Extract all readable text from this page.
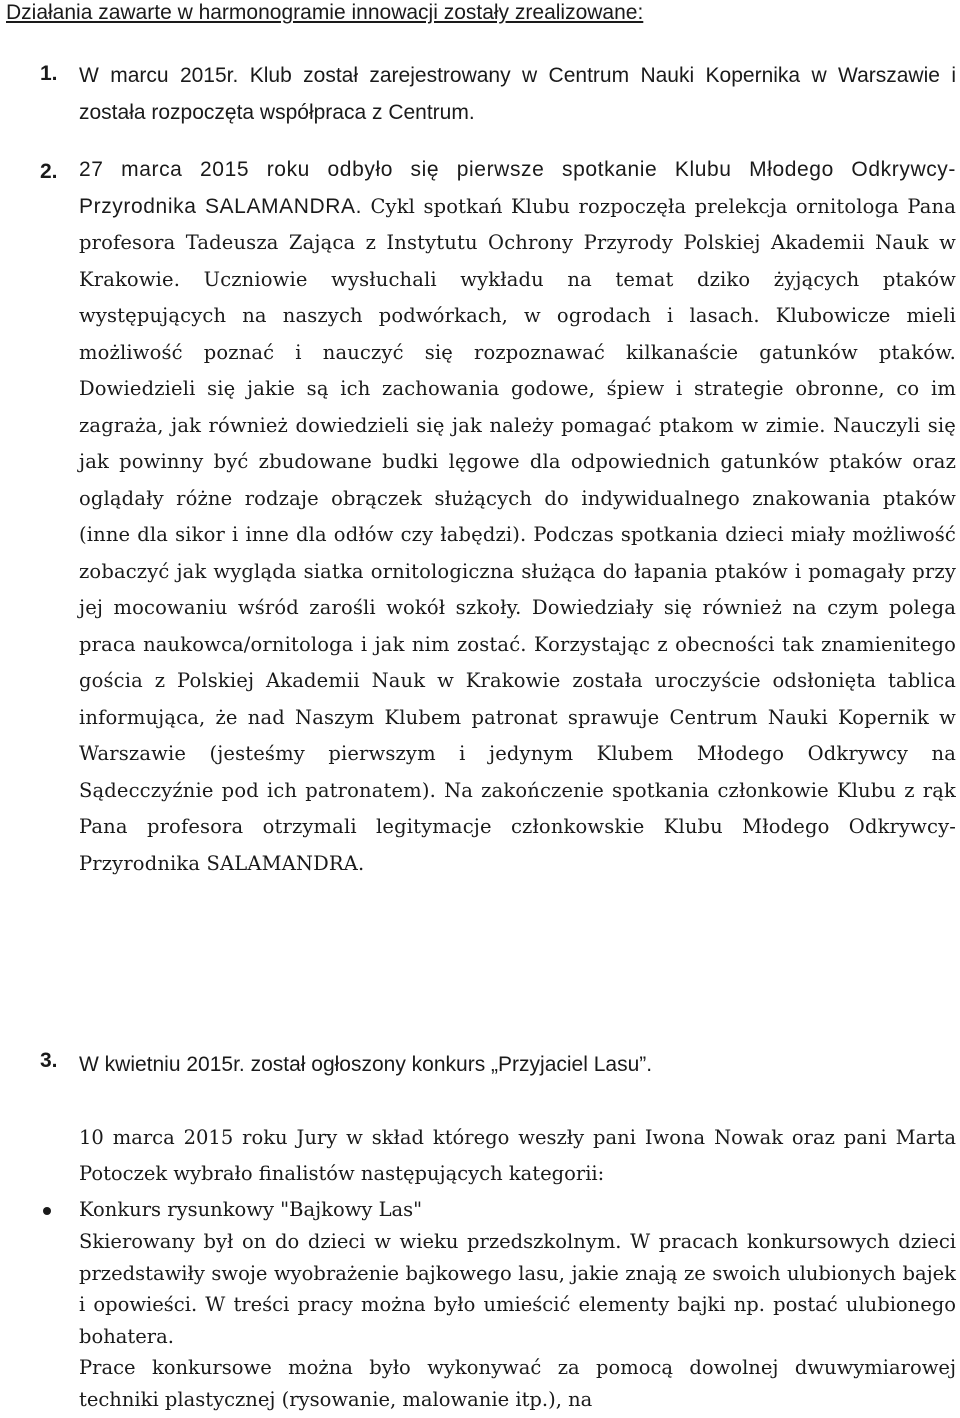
Działania zawarte w harmonogramie innowacji zostały zrealizowane:

1. W marcu 2015r. Klub został zarejestrowany w Centrum Nauki Kopernika w Warszawie i została rozpoczęta współpraca z Centrum.

2. 27 marca 2015 roku odbyło się pierwsze spotkanie Klubu Młodego Odkrywcy-Przyrodnika SALAMANDRA. Cykl spotkań Klubu rozpoczęła prelekcja ornitologa Pana profesora Tadeusza Zająca z Instytutu Ochrony Przyrody Polskiej Akademii Nauk w Krakowie. Uczniowie wysłuchali wykładu na temat dziko żyjących ptaków występujących na naszych podwórkach, w ogrodach i lasach. Klubowicze mieli możliwość poznać i nauczyć się rozpoznawać kilkanaście gatunków ptaków. Dowiedzieli się jakie są ich zachowania godowe, śpiew i strategie obronne, co im zagraża, jak również dowiedzieli się jak należy pomagać ptakom w zimie. Nauczyli się jak powinny być zbudowane budki lęgowe dla odpowiednich gatunków ptaków oraz oglądały różne rodzaje obrączek służących do indywidualnego znakowania ptaków (inne dla sikor i inne dla odłów czy łabędzi). Podczas spotkania dzieci miały możliwość zobaczyć jak wygląda siatka ornitologiczna służąca do łapania ptaków i pomagały przy jej mocowaniu wśród zarośli wokół szkoły. Dowiedziały się również na czym polega praca naukowca/ornitologa i jak nim zostać. Korzystając z obecności tak znamienitego gościa z Polskiej Akademii Nauk w Krakowie została uroczyście odsłonięta tablica informująca, że nad Naszym Klubem patronat sprawuje Centrum Nauki Kopernik w Warszawie (jesteśmy pierwszym i jedynym Klubem Młodego Odkrywcy na Sądecczyźnie pod ich patronatem). Na zakończenie spotkania członkowie Klubu z rąk Pana profesora otrzymali legitymacje członkowskie Klubu Młodego Odkrywcy-Przyrodnika SALAMANDRA.
3. W kwietniu 2015r. został ogłoszony konkurs „Przyjaciel Lasu”.

10 marca 2015 roku Jury w skład którego weszły pani Iwona Nowak oraz pani Marta Potoczek wybrało finalistów następujących kategorii:

Konkurs rysunkowy "Bajkowy Las"

Skierowany był on do dzieci w wieku przedszkolnym. W pracach konkursowych dzieci przedstawiły swoje wyobrażenie bajkowego lasu, jakie znają ze swoich ulubionych bajek i opowieści. W treści pracy można było umieścić elementy bajki np. postać ulubionego bohatera.

Prace konkursowe można było wykonywać za pomocą dowolnej dwuwymiarowej techniki plastycznej (rysowanie, malowanie itp.), na
